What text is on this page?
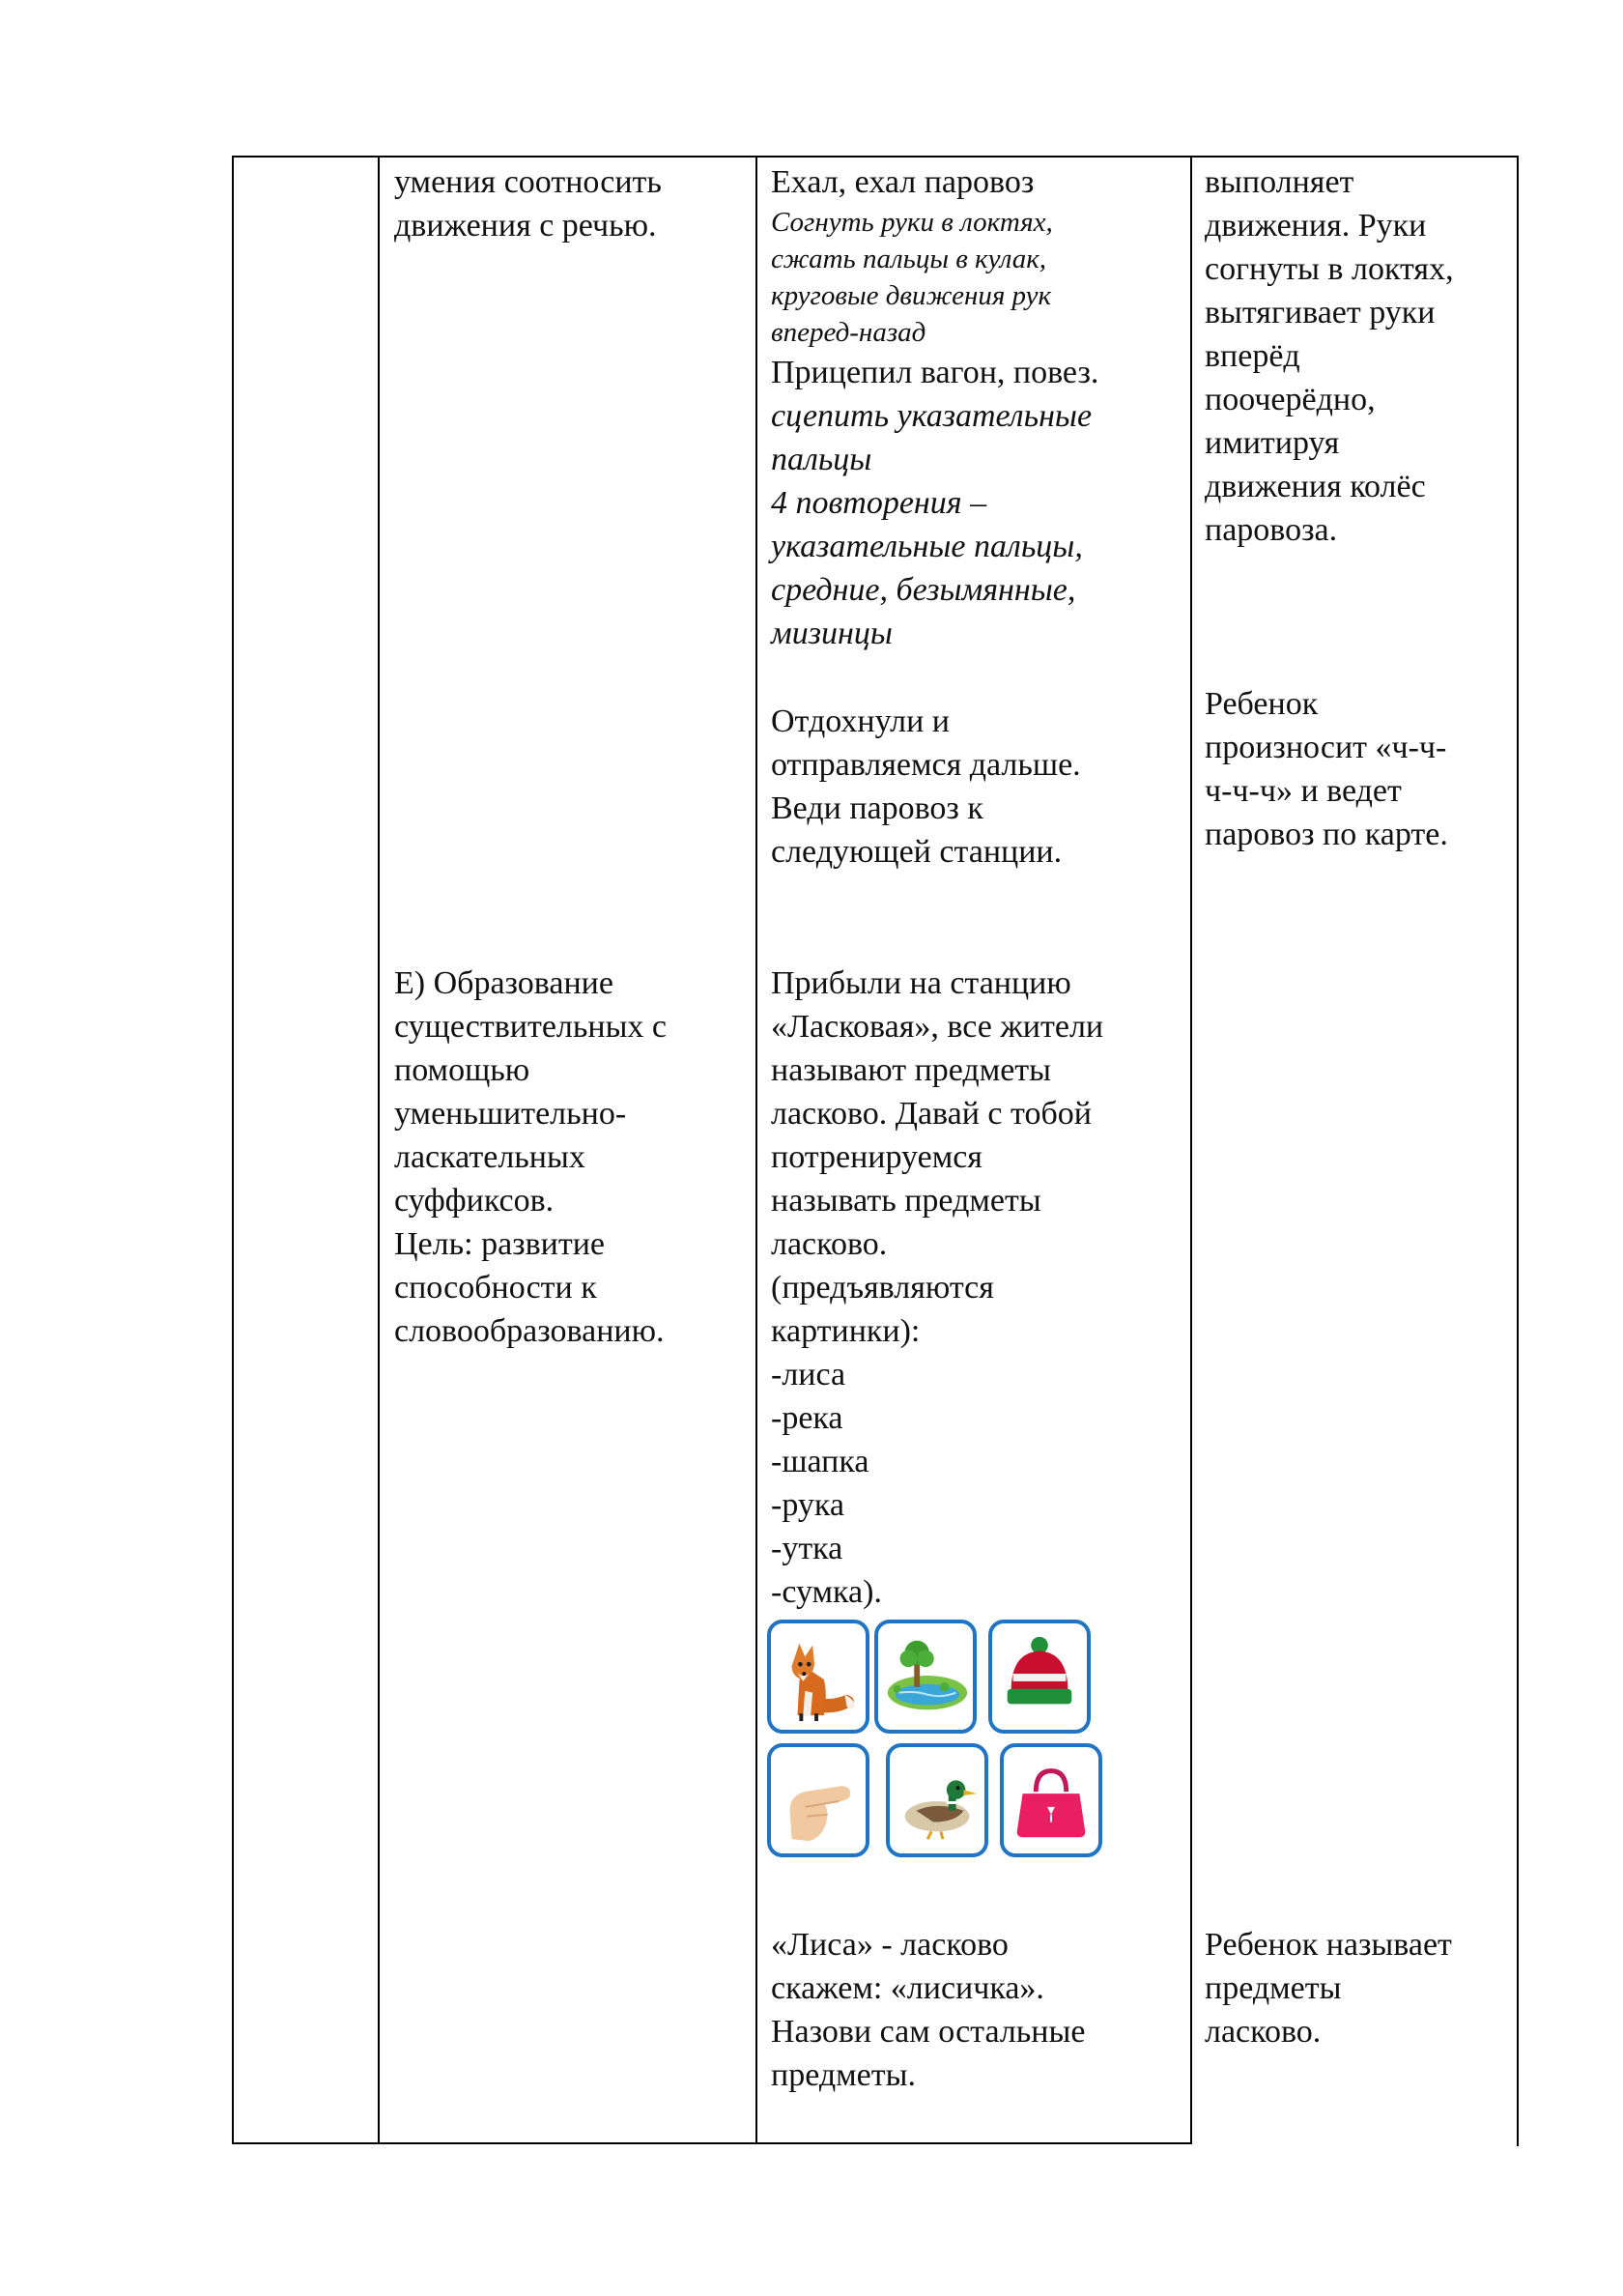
умения соотносить

движения с речью.

Е) Образование

существительных с

помощью

уменьшительно-

ласкательных

суффиксов.

Цель: развитие

способности к

словообразованию.

Ехал, ехал паровоз

Согнуть руки в локтях,

сжать пальцы в кулак,

круговые движения рук

вперед-назад

Прицепил вагон, повез.

сцепить указательные

пальцы

4 повторения –

указательные пальцы,

средние, безымянные,

мизинцы

Отдохнули и

отправляемся дальше.

Веди паровоз к

следующей станции.

Прибыли на станцию

«Ласковая», все жители

называют предметы

ласково. Давай с тобой

потренируемся

называть предметы

ласково.

(предъявляются

картинки):

-лиса

-река

-шапка

-рука

-утка

-сумка).

«Лиса» - ласково

скажем: «лисичка».

Назови сам остальные

предметы.

выполняет

движения. Руки

согнуты в локтях,

вытягивает руки

вперёд

поочерёдно,

имитируя

движения колёс

паровоза.

Ребенок

произносит «ч-ч-

ч-ч-ч» и ведет

паровоз по карте.

Ребенок называет

предметы

ласково.
